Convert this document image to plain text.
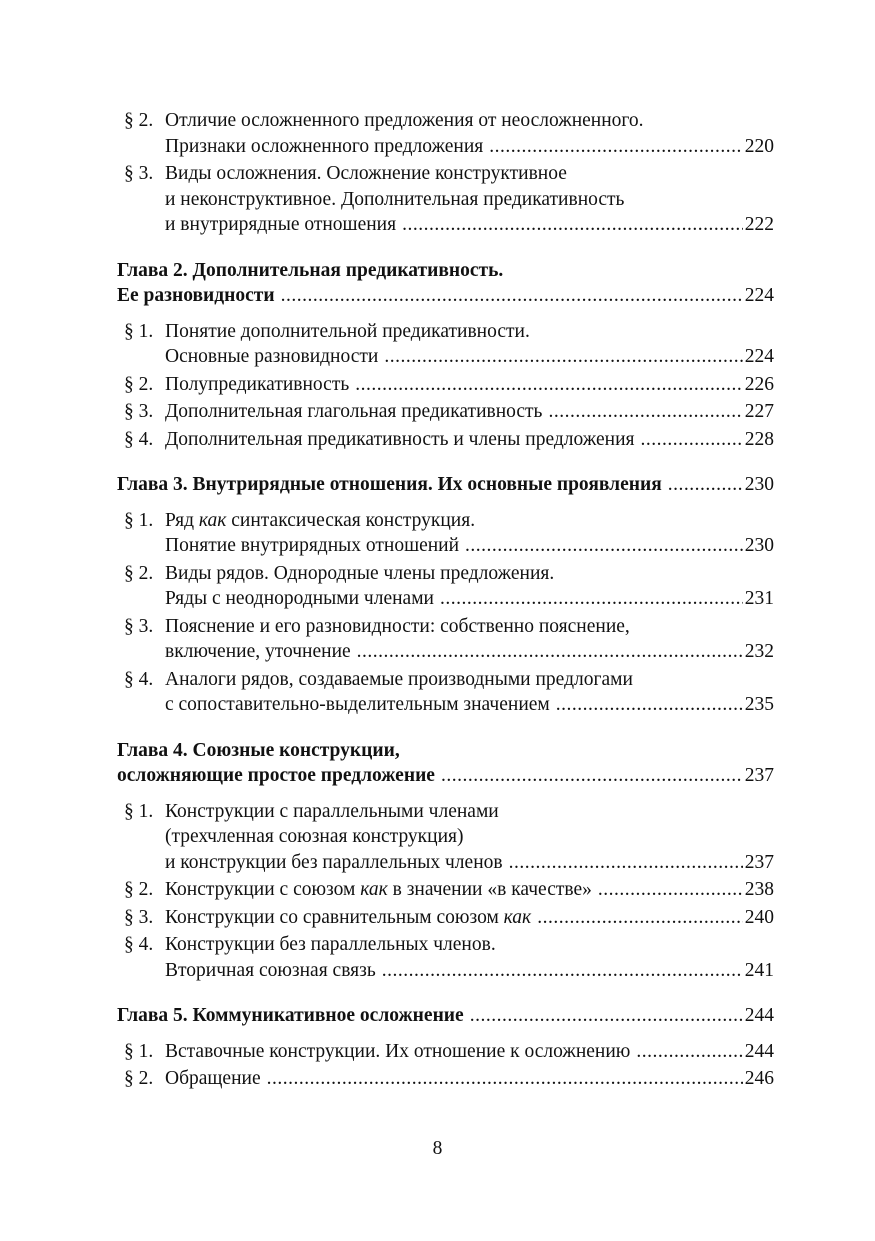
§ 2. Отличие осложненного предложения от неосложненного.
Признаки осложненного предложения .....	220
§ 3. Виды осложнения. Осложнение конструктивное
и неконструктивное. Дополнительная предикативность
и внутрирядные отношения .....	222
Глава 2. Дополнительная предикативность.
Ее разновидности .....	224
§ 1. Понятие дополнительной предикативности.
Основные разновидности .....	224
§ 2. Полупредикативность .....	226
§ 3. Дополнительная глагольная предикативность .....	227
§ 4. Дополнительная предикативность и члены предложения .....	228
Глава 3. Внутрирядные отношения. Их основные проявления .....	230
§ 1. Ряд как синтаксическая конструкция.
Понятие внутрирядных отношений .....	230
§ 2. Виды рядов. Однородные члены предложения.
Ряды с неоднородными членами .....	231
§ 3. Пояснение и его разновидности: собственно пояснение,
включение, уточнение .....	232
§ 4. Аналоги рядов, создаваемые производными предлогами
с сопоставительно-выделительным значением .....	235
Глава 4. Союзные конструкции,
осложняющие простое предложение .....	237
§ 1. Конструкции с параллельными членами
(трехчленная союзная конструкция)
и конструкции без параллельных членов .....	237
§ 2. Конструкции с союзом как в значении «в качестве» .....	238
§ 3. Конструкции со сравнительным союзом как .....	240
§ 4. Конструкции без параллельных членов.
Вторичная союзная связь .....	241
Глава 5. Коммуникативное осложнение .....	244
§ 1. Вставочные конструкции. Их отношение к осложнению .....	244
§ 2. Обращение .....	246
8
